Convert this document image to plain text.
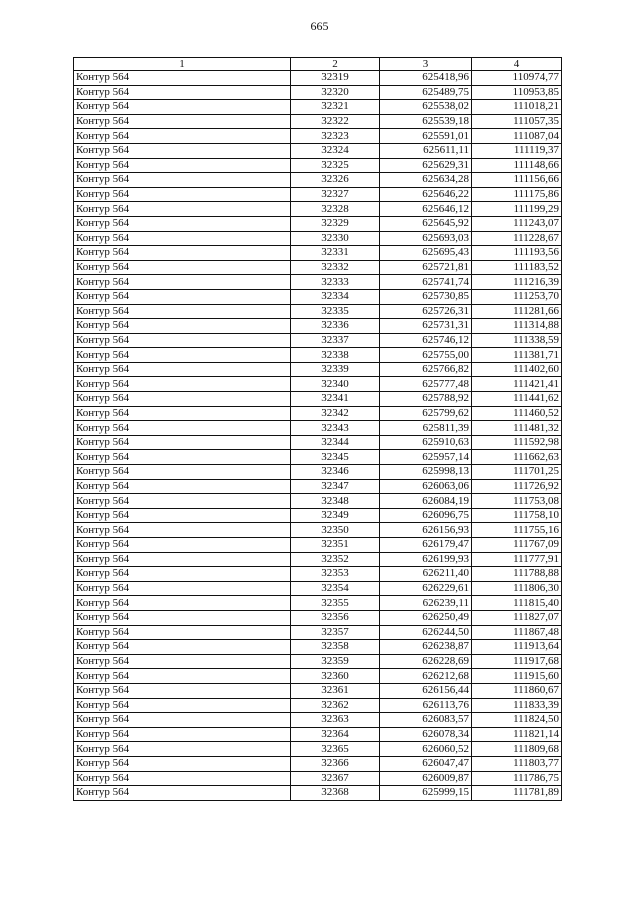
665
1	2	3	4
Контур 564	32319	625418,96	110974,77
Контур 564	32320	625489,75	110953,85
Контур 564	32321	625538,02	111018,21
Контур 564	32322	625539,18	111057,35
Контур 564	32323	625591,01	111087,04
Контур 564	32324	625611,11	111119,37
Контур 564	32325	625629,31	111148,66
Контур 564	32326	625634,28	111156,66
Контур 564	32327	625646,22	111175,86
Контур 564	32328	625646,12	111199,29
Контур 564	32329	625645,92	111243,07
Контур 564	32330	625693,03	111228,67
Контур 564	32331	625695,43	111193,56
Контур 564	32332	625721,81	111183,52
Контур 564	32333	625741,74	111216,39
Контур 564	32334	625730,85	111253,70
Контур 564	32335	625726,31	111281,66
Контур 564	32336	625731,31	111314,88
Контур 564	32337	625746,12	111338,59
Контур 564	32338	625755,00	111381,71
Контур 564	32339	625766,82	111402,60
Контур 564	32340	625777,48	111421,41
Контур 564	32341	625788,92	111441,62
Контур 564	32342	625799,62	111460,52
Контур 564	32343	625811,39	111481,32
Контур 564	32344	625910,63	111592,98
Контур 564	32345	625957,14	111662,63
Контур 564	32346	625998,13	111701,25
Контур 564	32347	626063,06	111726,92
Контур 564	32348	626084,19	111753,08
Контур 564	32349	626096,75	111758,10
Контур 564	32350	626156,93	111755,16
Контур 564	32351	626179,47	111767,09
Контур 564	32352	626199,93	111777,91
Контур 564	32353	626211,40	111788,88
Контур 564	32354	626229,61	111806,30
Контур 564	32355	626239,11	111815,40
Контур 564	32356	626250,49	111827,07
Контур 564	32357	626244,50	111867,48
Контур 564	32358	626238,87	111913,64
Контур 564	32359	626228,69	111917,68
Контур 564	32360	626212,68	111915,60
Контур 564	32361	626156,44	111860,67
Контур 564	32362	626113,76	111833,39
Контур 564	32363	626083,57	111824,50
Контур 564	32364	626078,34	111821,14
Контур 564	32365	626060,52	111809,68
Контур 564	32366	626047,47	111803,77
Контур 564	32367	626009,87	111786,75
Контур 564	32368	625999,15	111781,89
